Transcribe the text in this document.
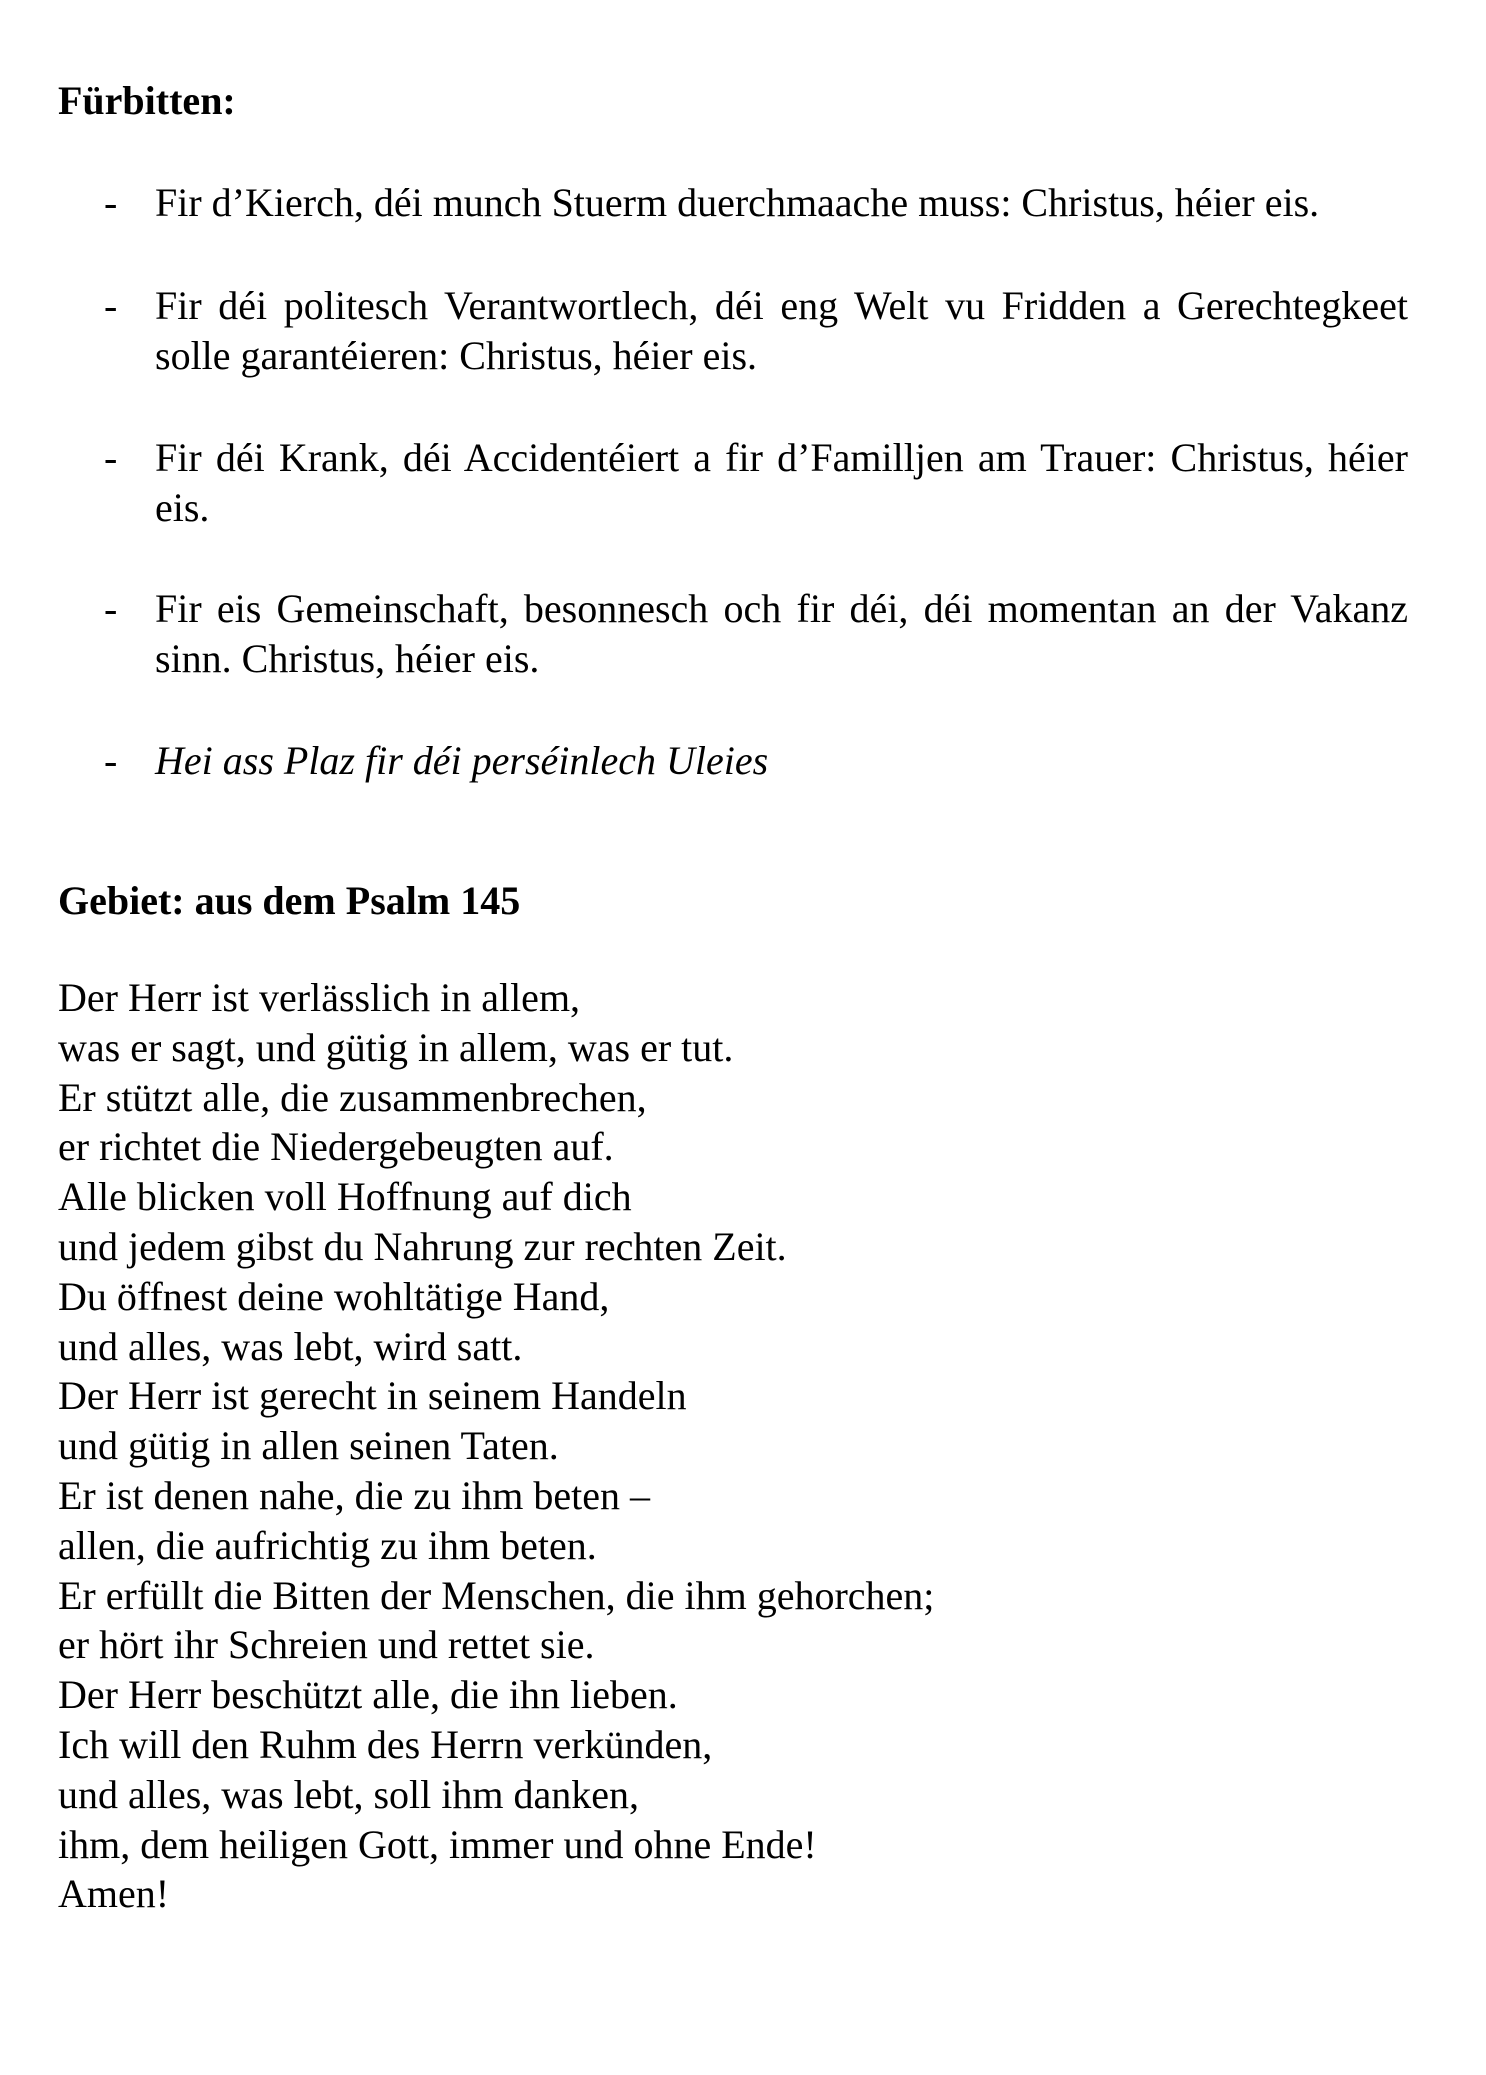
Fürbitten:
- Fir d’Kierch, déi munch Stuerm duerchmaache muss: Christus, héier eis.
- Fir déi politesch Verantwortlech, déi eng Welt vu Fridden a Gerechtegkeet solle garantéieren: Christus, héier eis.
- Fir déi Krank, déi Accidentéiert a fir d’Familljen am Trauer: Christus, héier eis.
- Fir eis Gemeinschaft, besonnesch och fir déi, déi momentan an der Vakanz sinn. Christus, héier eis.
- Hei ass Plaz fir déi perséinlech Uleies
Gebiet: aus dem Psalm 145
Der Herr ist verlässlich in allem,
was er sagt, und gütig in allem, was er tut.
Er stützt alle, die zusammenbrechen,
er richtet die Niedergebeugten auf.
Alle blicken voll Hoffnung auf dich
und jedem gibst du Nahrung zur rechten Zeit.
Du öffnest deine wohltätige Hand,
und alles, was lebt, wird satt.
Der Herr ist gerecht in seinem Handeln
und gütig in allen seinen Taten.
Er ist denen nahe, die zu ihm beten –
allen, die aufrichtig zu ihm beten.
Er erfüllt die Bitten der Menschen, die ihm gehorchen;
er hört ihr Schreien und rettet sie.
Der Herr beschützt alle, die ihn lieben.
Ich will den Ruhm des Herrn verkünden,
und alles, was lebt, soll ihm danken,
ihm, dem heiligen Gott, immer und ohne Ende!
Amen!
